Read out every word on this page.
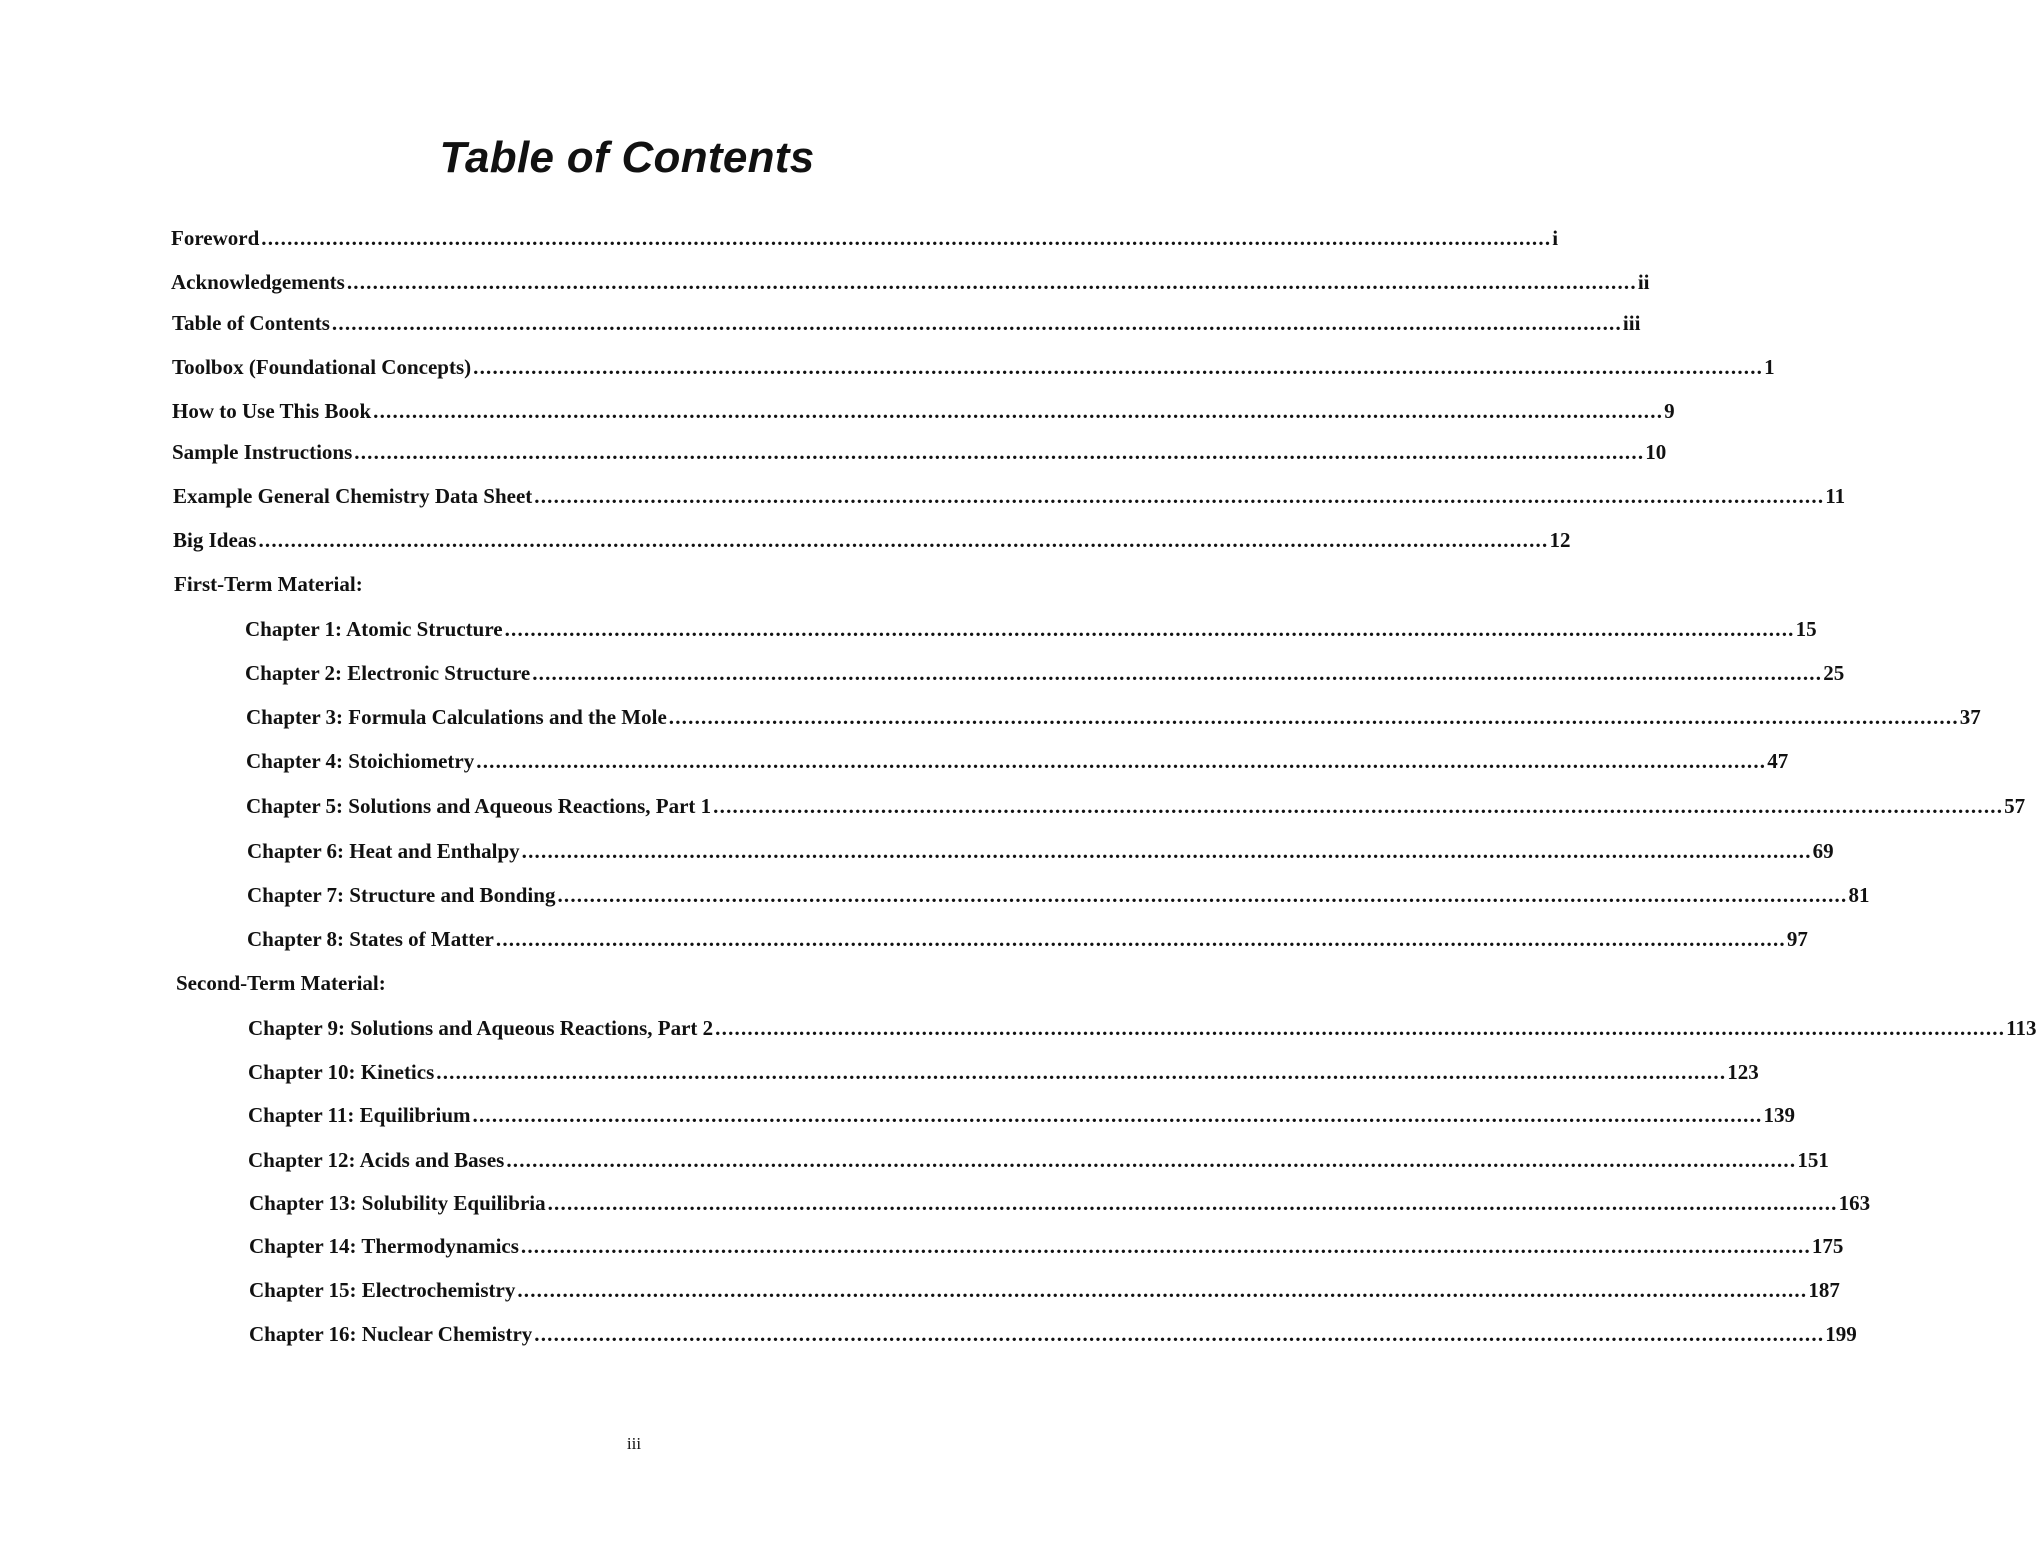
Table of Contents
Foreword ........................................................................................................................................................................................................ i
Acknowledgements ........................................................................................................................................................................................................ ii
Table of Contents ........................................................................................................................................................................................................ iii
Toolbox (Foundational Concepts) ........................................................................................................................................................................................................ 1
How to Use This Book ........................................................................................................................................................................................................ 9
Sample Instructions ........................................................................................................................................................................................................ 10
Example General Chemistry Data Sheet ........................................................................................................................................................................................................ 11
Big Ideas ........................................................................................................................................................................................................ 12
First-Term Material:
Chapter 1: Atomic Structure ........................................................................................................................................................................................................ 15
Chapter 2: Electronic Structure ........................................................................................................................................................................................................ 25
Chapter 3: Formula Calculations and the Mole ........................................................................................................................................................................................................ 37
Chapter 4: Stoichiometry ........................................................................................................................................................................................................ 47
Chapter 5: Solutions and Aqueous Reactions, Part 1 ........................................................................................................................................................................................................ 57
Chapter 6: Heat and Enthalpy ........................................................................................................................................................................................................ 69
Chapter 7: Structure and Bonding ........................................................................................................................................................................................................ 81
Chapter 8: States of Matter ........................................................................................................................................................................................................ 97
Second-Term Material:
Chapter 9: Solutions and Aqueous Reactions, Part 2 ........................................................................................................................................................................................................ 113
Chapter 10: Kinetics ........................................................................................................................................................................................................ 123
Chapter 11: Equilibrium ........................................................................................................................................................................................................ 139
Chapter 12: Acids and Bases ........................................................................................................................................................................................................ 151
Chapter 13: Solubility Equilibria ........................................................................................................................................................................................................ 163
Chapter 14: Thermodynamics ........................................................................................................................................................................................................ 175
Chapter 15: Electrochemistry ........................................................................................................................................................................................................ 187
Chapter 16: Nuclear Chemistry ........................................................................................................................................................................................................ 199
iii
